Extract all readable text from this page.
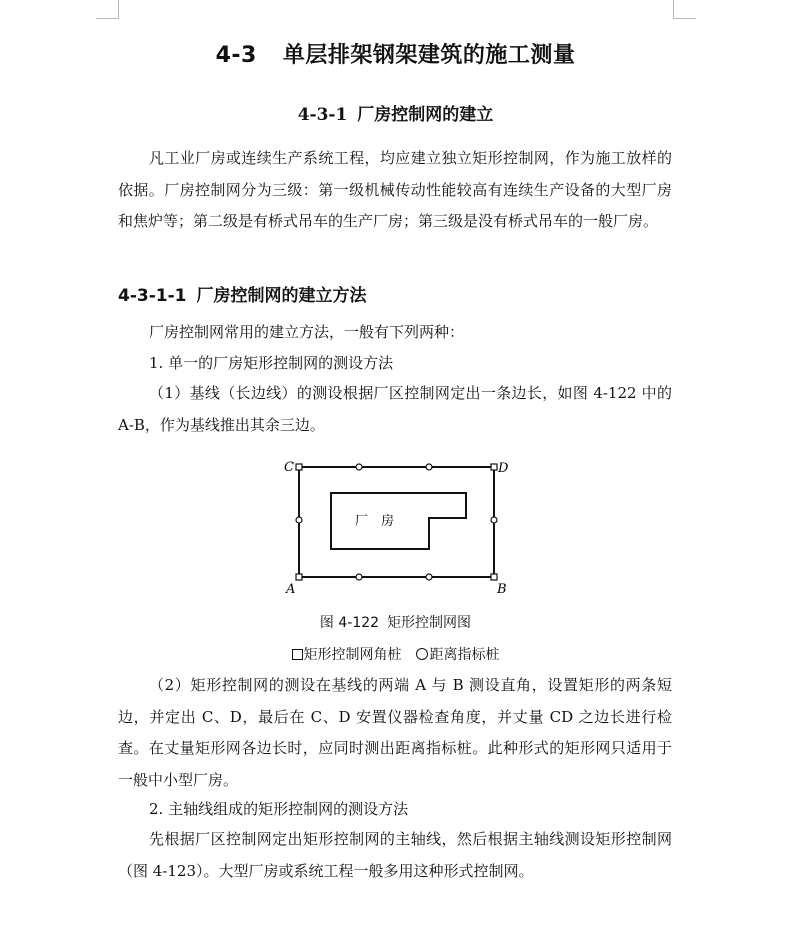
4-3 单层排架钢架建筑的施工测量
4-3-1 厂房控制网的建立

凡工业厂房或连续生产系统工程，均应建立独立矩形控制网，作为施工放样的依据。厂房控制网分为三级：第一级机械传动性能较高有连续生产设备的大型厂房和焦炉等；第二级是有桥式吊车的生产厂房；第三级是没有桥式吊车的一般厂房。

4-3-1-1 厂房控制网的建立方法

厂房控制网常用的建立方法，一般有下列两种：

1. 单一的厂房矩形控制网的测设方法

（1）基线（长边线）的测设根据厂区控制网定出一条边长，如图 4-122 中的 A-B，作为基线推出其余三边。

C	D
A	B
厂　房
图 4-122 矩形控制网图
矩形控制网角桩 距离指标桩

（2）矩形控制网的测设在基线的两端 A 与 B 测设直角，设置矩形的两条短边，并定出 C、D，最后在 C、D 安置仪器检查角度，并丈量 CD 之边长进行检查。在丈量矩形网各边长时，应同时测出距离指标桩。此种形式的矩形网只适用于一般中小型厂房。

2. 主轴线组成的矩形控制网的测设方法

先根据厂区控制网定出矩形控制网的主轴线，然后根据主轴线测设矩形控制网（图 4-123）。大型厂房或系统工程一般多用这种形式控制网。
